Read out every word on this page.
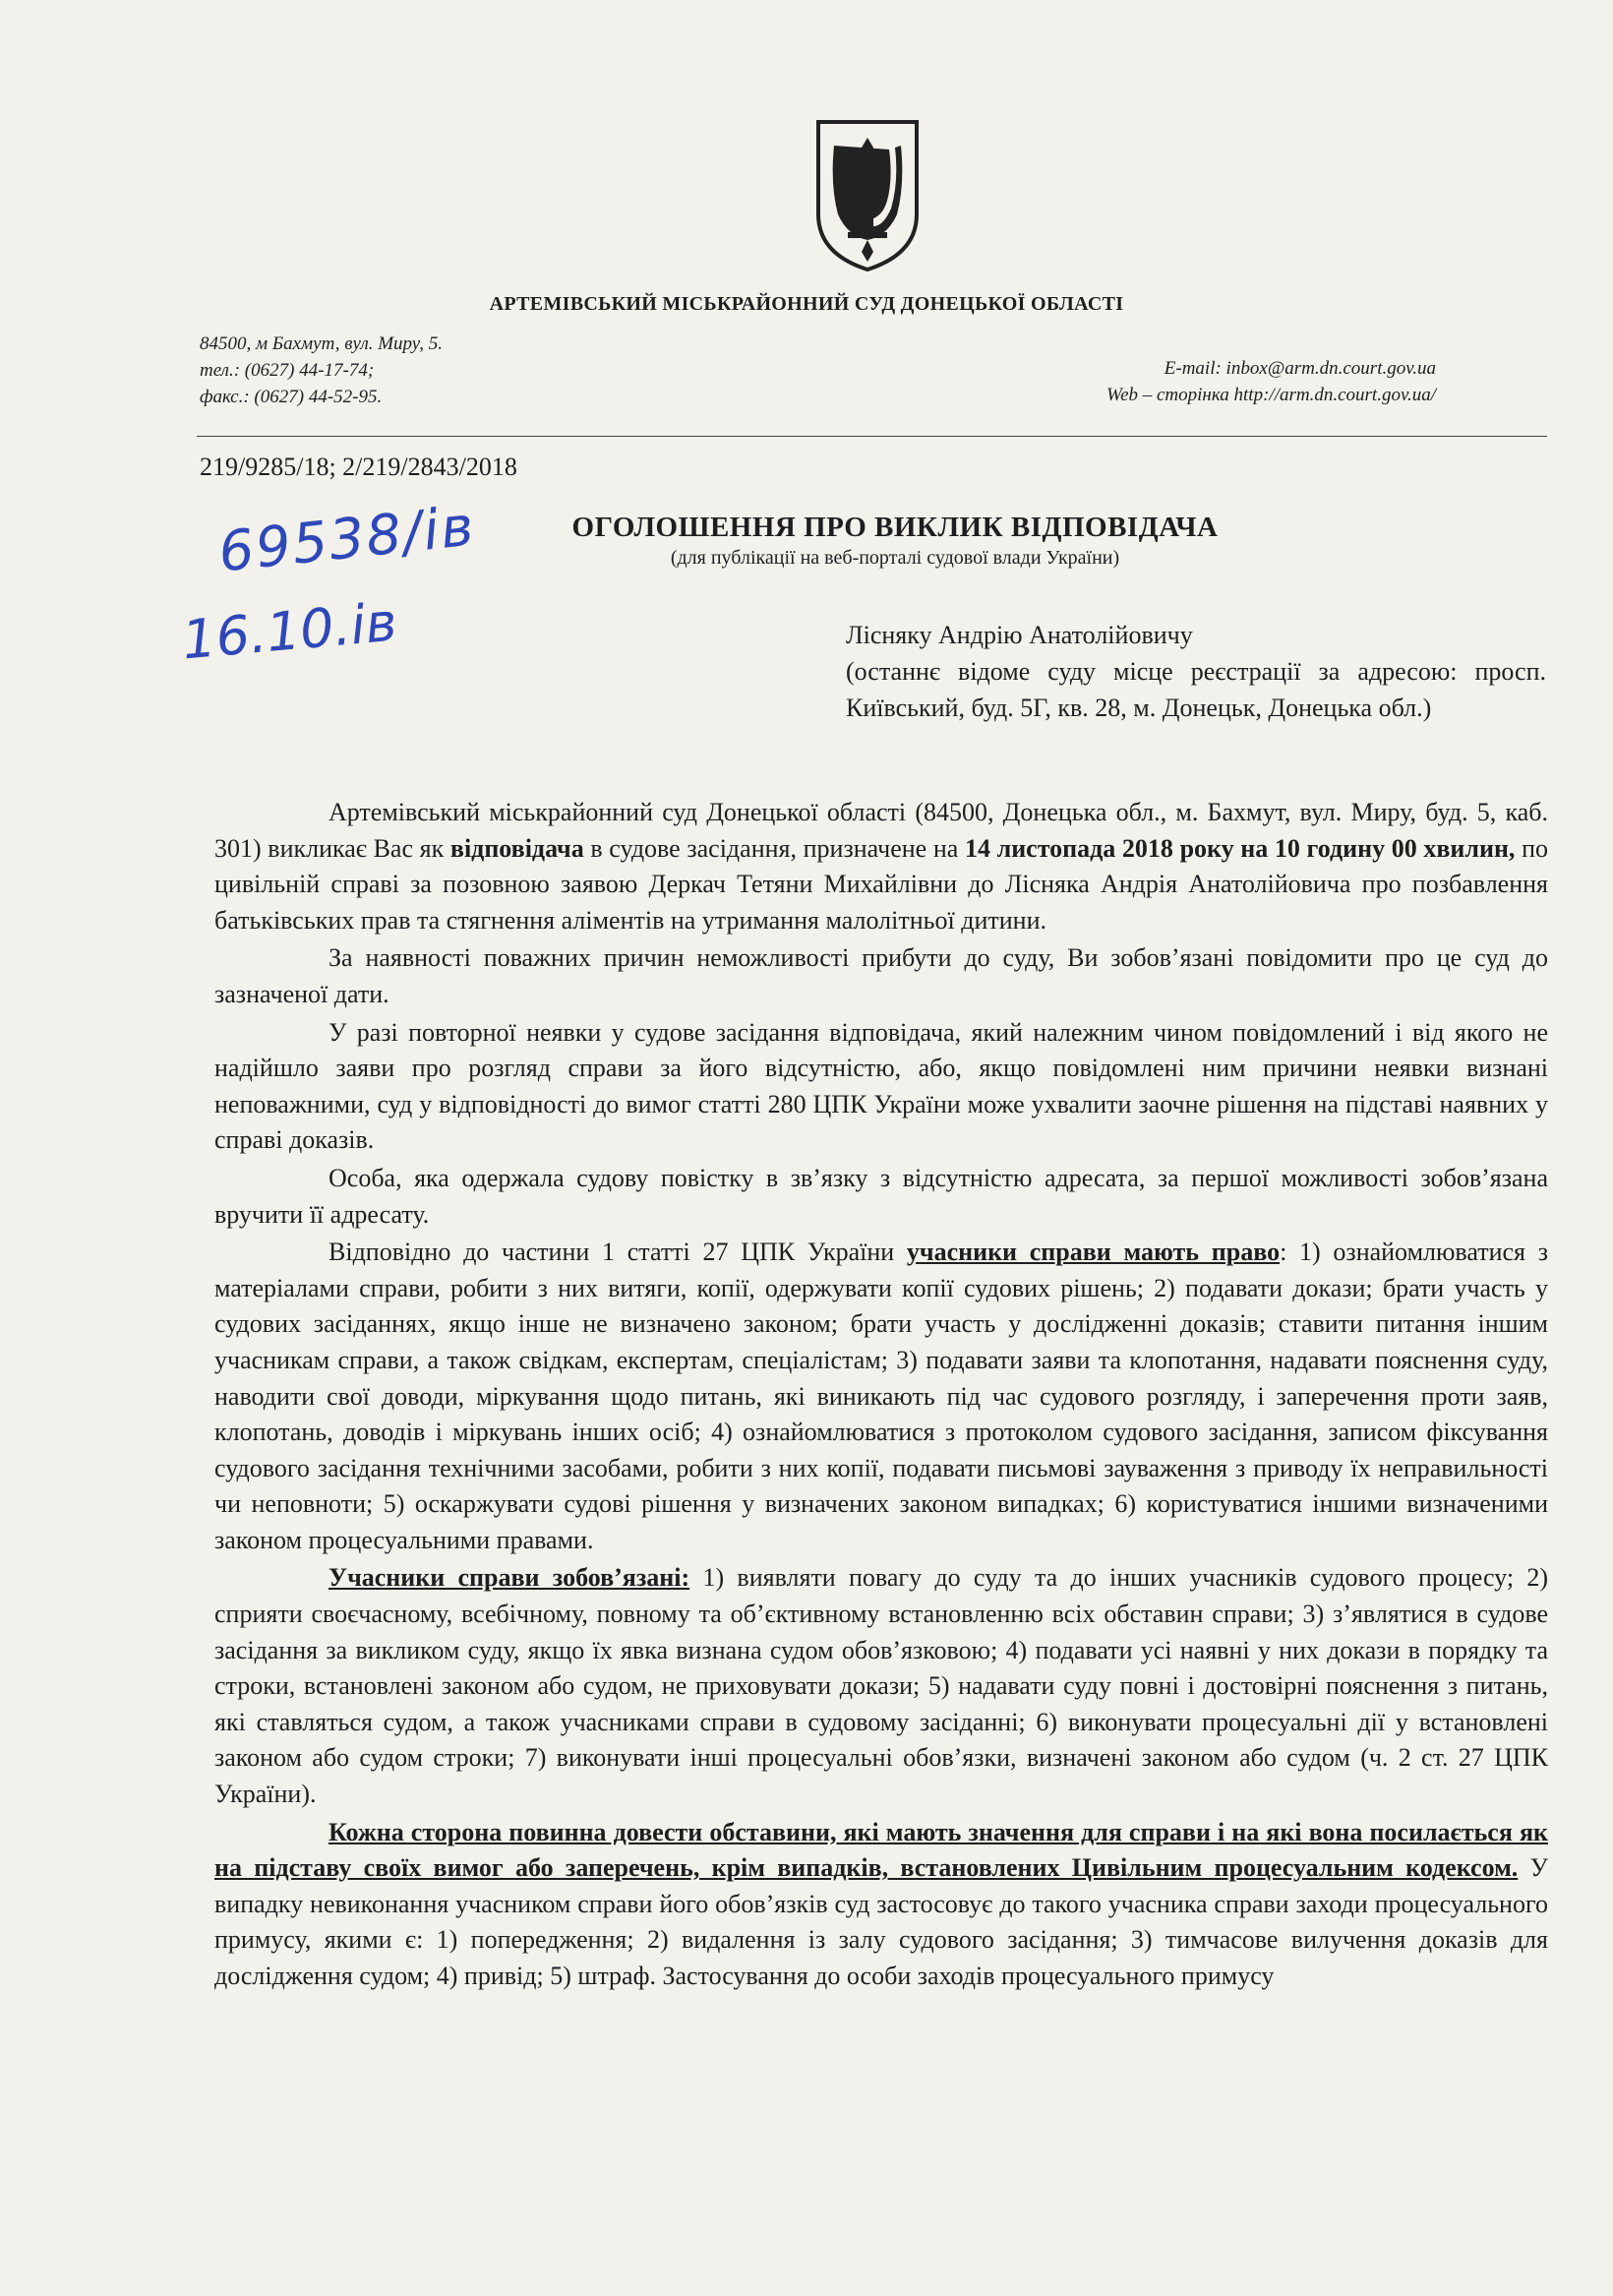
АРТЕМІВСЬКИЙ МІСЬКРАЙОННИЙ СУД ДОНЕЦЬКОЇ ОБЛАСТІ
84500, м Бахмут, вул. Миру, 5.
тел.: (0627) 44-17-74;
факс.: (0627) 44-52-95.
E-mail: inbox@arm.dn.court.gov.ua
Web – сторінка http://arm.dn.court.gov.ua/
219/9285/18; 2/219/2843/2018
69538/ів
16.10.ів
ОГОЛОШЕННЯ ПРО ВИКЛИК ВІДПОВІДАЧА
(для публікації на веб-порталі судової влади України)
Лісняку Андрію Анатолійовичу
(останнє відоме суду місце реєстрації за адресою: просп. Київський, буд. 5Г, кв. 28, м. Донецьк, Донецька обл.)

Артемівський міськрайонний суд Донецької області (84500, Донецька обл., м. Бахмут, вул. Миру, буд. 5, каб. 301) викликає Вас як відповідача в судове засідання, призначене на 14 листопада 2018 року на 10 годину 00 хвилин, по цивільній справі за позовною заявою Деркач Тетяни Михайлівни до Лісняка Андрія Анатолійовича про позбавлення батьківських прав та стягнення аліментів на утримання малолітньої дитини.

За наявності поважних причин неможливості прибути до суду, Ви зобов’язані повідомити про це суд до зазначеної дати.

У разі повторної неявки у судове засідання відповідача, який належним чином повідомлений і від якого не надійшло заяви про розгляд справи за його відсутністю, або, якщо повідомлені ним причини неявки визнані неповажними, суд у відповідності до вимог статті 280 ЦПК України може ухвалити заочне рішення на підставі наявних у справі доказів.

Особа, яка одержала судову повістку в зв’язку з відсутністю адресата, за першої можливості зобов’язана вручити її адресату.

Відповідно до частини 1 статті 27 ЦПК України учасники справи мають право: 1) ознайомлюватися з матеріалами справи, робити з них витяги, копії, одержувати копії судових рішень; 2) подавати докази; брати участь у судових засіданнях, якщо інше не визначено законом; брати участь у дослідженні доказів; ставити питання іншим учасникам справи, а також свідкам, експертам, спеціалістам; 3) подавати заяви та клопотання, надавати пояснення суду, наводити свої доводи, міркування щодо питань, які виникають під час судового розгляду, і заперечення проти заяв, клопотань, доводів і міркувань інших осіб; 4) ознайомлюватися з протоколом судового засідання, записом фіксування судового засідання технічними засобами, робити з них копії, подавати письмові зауваження з приводу їх неправильності чи неповноти; 5) оскаржувати судові рішення у визначених законом випадках; 6) користуватися іншими визначеними законом процесуальними правами.

Учасники справи зобов’язані: 1) виявляти повагу до суду та до інших учасників судового процесу; 2) сприяти своєчасному, всебічному, повному та об’єктивному встановленню всіх обставин справи; 3) з’являтися в судове засідання за викликом суду, якщо їх явка визнана судом обов’язковою; 4) подавати усі наявні у них докази в порядку та строки, встановлені законом або судом, не приховувати докази; 5) надавати суду повні і достовірні пояснення з питань, які ставляться судом, а також учасниками справи в судовому засіданні; 6) виконувати процесуальні дії у встановлені законом або судом строки; 7) виконувати інші процесуальні обов’язки, визначені законом або судом (ч. 2 ст. 27 ЦПК України).

Кожна сторона повинна довести обставини, які мають значення для справи і на які вона посилається як на підставу своїх вимог або заперечень, крім випадків, встановлених Цивільним процесуальним кодексом. У випадку невиконання учасником справи його обов’язків суд застосовує до такого учасника справи заходи процесуального примусу, якими є: 1) попередження; 2) видалення із залу судового засідання; 3) тимчасове вилучення доказів для дослідження судом; 4) привід; 5) штраф. Застосування до особи заходів процесуального примусу
